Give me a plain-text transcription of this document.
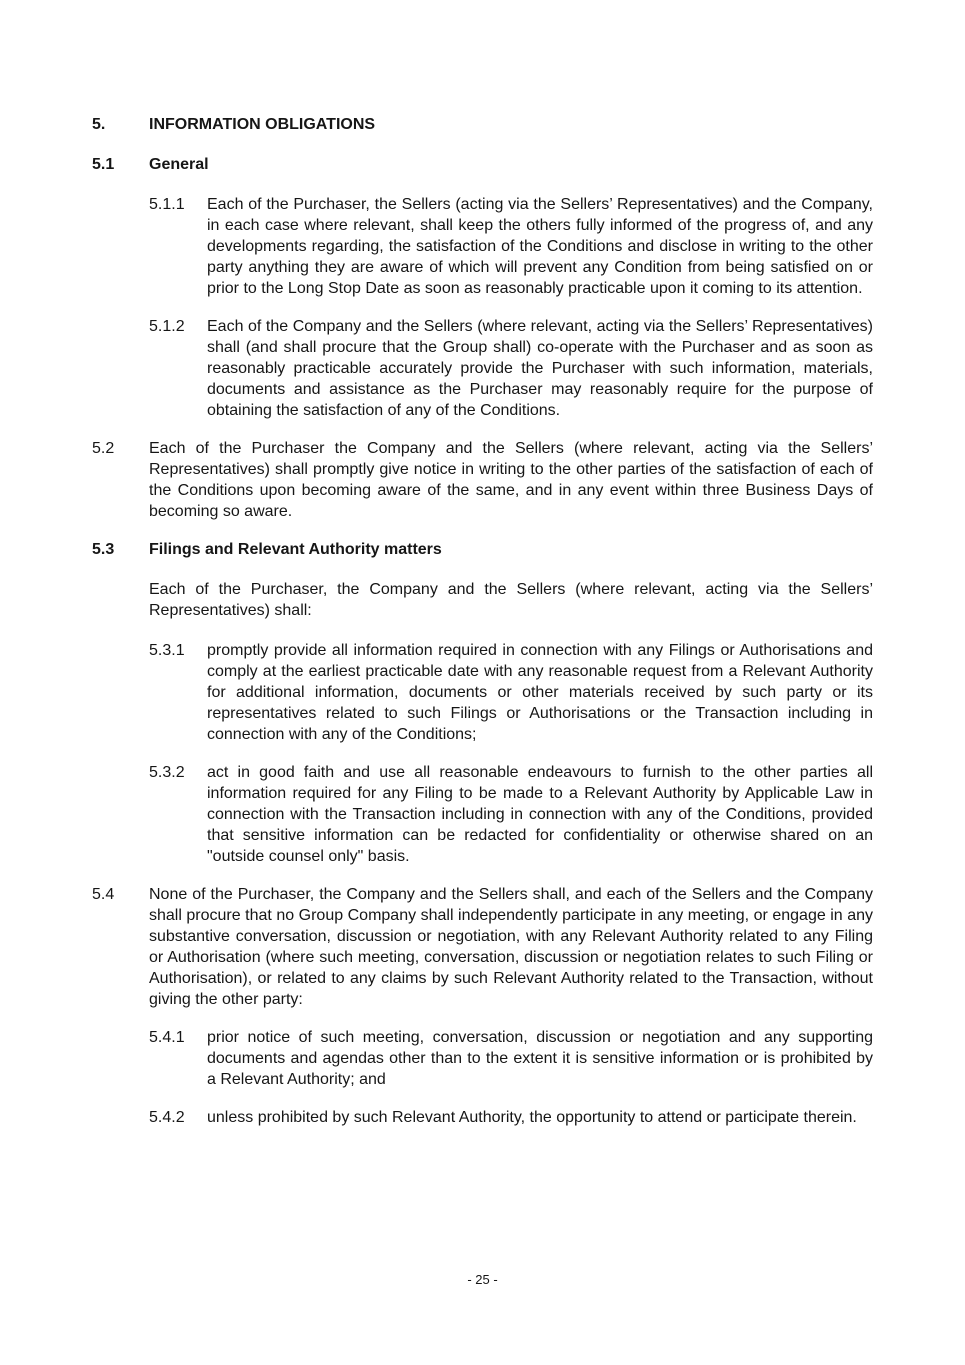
5.	INFORMATION OBLIGATIONS
5.1	General
5.1.1	Each of the Purchaser, the Sellers (acting via the Sellers’ Representatives) and the Company, in each case where relevant, shall keep the others fully informed of the progress of, and any developments regarding, the satisfaction of the Conditions and disclose in writing to the other party anything they are aware of which will prevent any Condition from being satisfied on or prior to the Long Stop Date as soon as reasonably practicable upon it coming to its attention.
5.1.2	Each of the Company and the Sellers (where relevant, acting via the Sellers’ Representatives) shall (and shall procure that the Group shall) co-operate with the Purchaser and as soon as reasonably practicable accurately provide the Purchaser with such information, materials, documents and assistance as the Purchaser may reasonably require for the purpose of obtaining the satisfaction of any of the Conditions.
5.2	Each of the Purchaser the Company and the Sellers (where relevant, acting via the Sellers’ Representatives) shall promptly give notice in writing to the other parties of the satisfaction of each of the Conditions upon becoming aware of the same, and in any event within three Business Days of becoming so aware.
5.3	Filings and Relevant Authority matters
Each of the Purchaser, the Company and the Sellers (where relevant, acting via the Sellers’ Representatives) shall:
5.3.1	promptly provide all information required in connection with any Filings or Authorisations and comply at the earliest practicable date with any reasonable request from a Relevant Authority for additional information, documents or other materials received by such party or its representatives related to such Filings or Authorisations or the Transaction including in connection with any of the Conditions;
5.3.2	act in good faith and use all reasonable endeavours to furnish to the other parties all information required for any Filing to be made to a Relevant Authority by Applicable Law in connection with the Transaction including in connection with any of the Conditions, provided that sensitive information can be redacted for confidentiality or otherwise shared on an "outside counsel only" basis.
5.4	None of the Purchaser, the Company and the Sellers shall, and each of the Sellers and the Company shall procure that no Group Company shall independently participate in any meeting, or engage in any substantive conversation, discussion or negotiation, with any Relevant Authority related to any Filing or Authorisation (where such meeting, conversation, discussion or negotiation relates to such Filing or Authorisation), or related to any claims by such Relevant Authority related to the Transaction, without giving the other party:
5.4.1	prior notice of such meeting, conversation, discussion or negotiation and any supporting documents and agendas other than to the extent it is sensitive information or is prohibited by a Relevant Authority; and
5.4.2	unless prohibited by such Relevant Authority, the opportunity to attend or participate therein.
- 25 -
